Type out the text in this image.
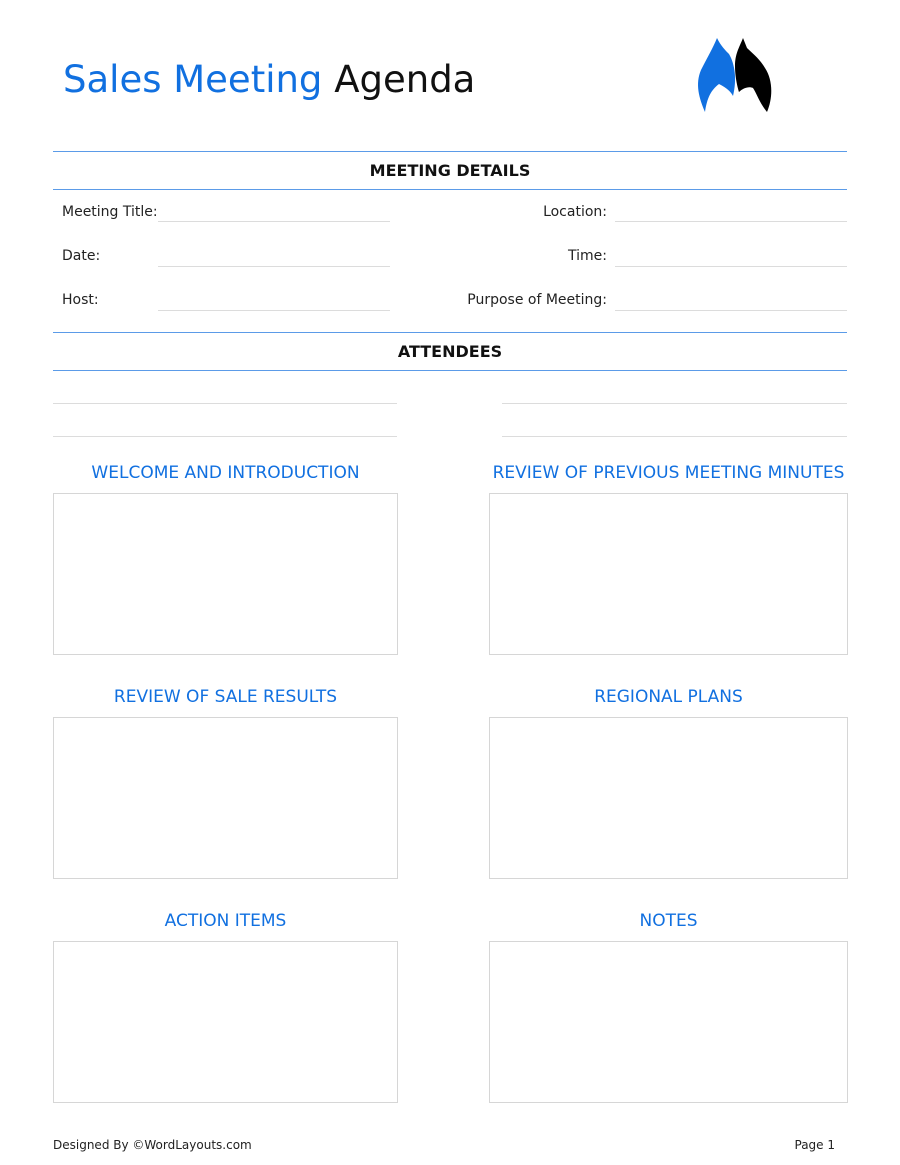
Sales Meeting Agenda
MEETING DETAILS
Meeting Title:	Location:
Date:	Time:
Host:	Purpose of Meeting:
ATTENDEES
WELCOME AND INTRODUCTION	REVIEW OF PREVIOUS MEETING MINUTES
REVIEW OF SALE RESULTS	REGIONAL PLANS
ACTION ITEMS	NOTES
Designed By ©WordLayouts.com	Page 1
